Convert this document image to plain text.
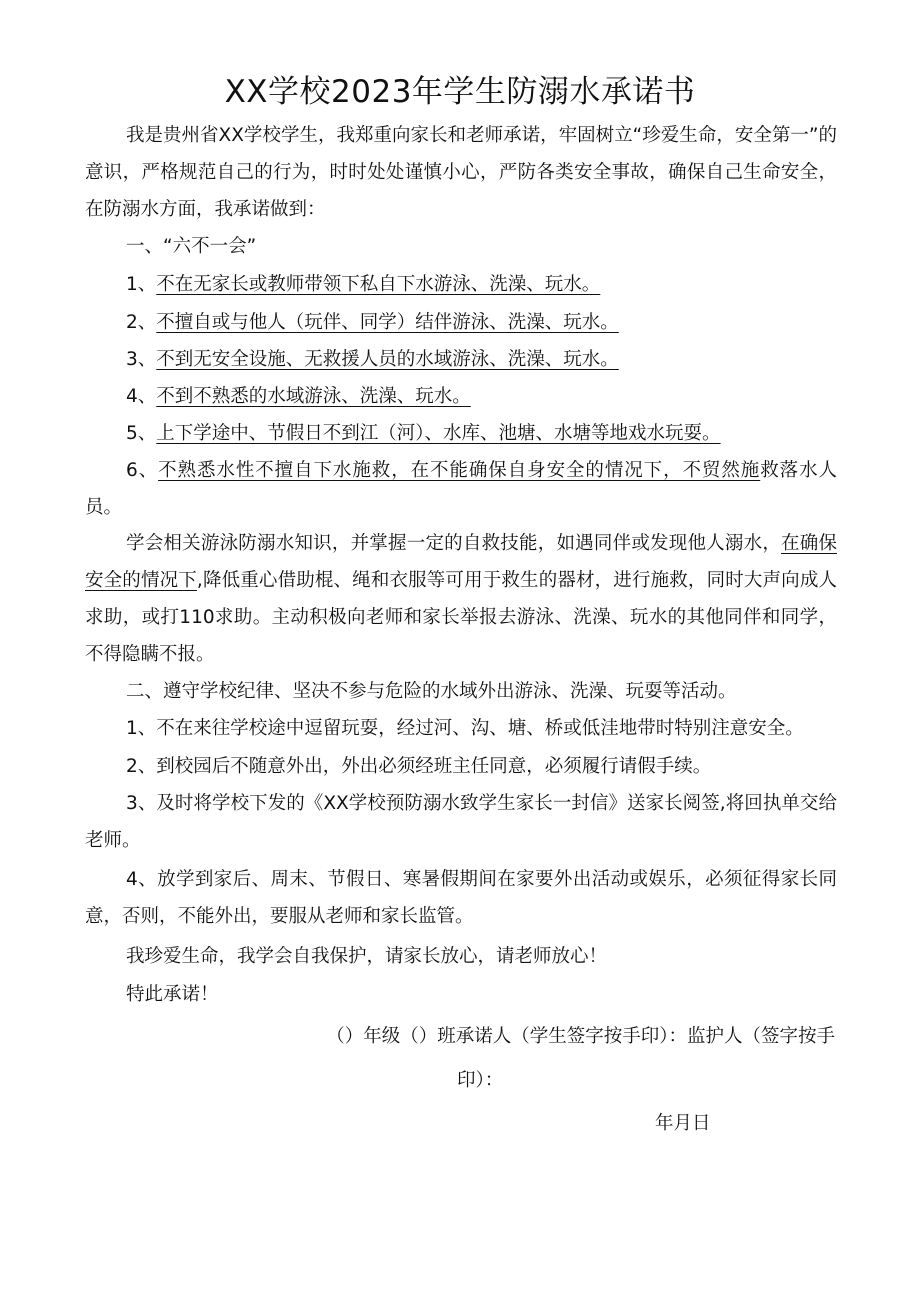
XX学校2023年学生防溺水承诺书
我是贵州省XX学校学生，我郑重向家长和老师承诺，牢固树立“珍爱生命，安全第一”的意识，严格规范自己的行为，时时处处谨慎小心，严防各类安全事故，确保自己生命安全，在防溺水方面，我承诺做到：
一、“六不一会”
1、不在无家长或教师带领下私自下水游泳、洗澡、玩水。
2、不擅自或与他人（玩伴、同学）结伴游泳、洗澡、玩水。
3、不到无安全设施、无救援人员的水域游泳、洗澡、玩水。
4、不到不熟悉的水域游泳、洗澡、玩水。
5、上下学途中、节假日不到江（河）、水库、池塘、水塘等地戏水玩耍。
6、不熟悉水性不擅自下水施救，在不能确保自身安全的情况下，不贸然施救落水人员。
学会相关游泳防溺水知识，并掌握一定的自救技能，如遇同伴或发现他人溺水，在确保安全的情况下,降低重心借助棍、绳和衣服等可用于救生的器材，进行施救，同时大声向成人求助，或打110求助。主动积极向老师和家长举报去游泳、洗澡、玩水的其他同伴和同学，不得隐瞒不报。
二、遵守学校纪律、坚决不参与危险的水域外出游泳、洗澡、玩耍等活动。
1、不在来往学校途中逗留玩耍，经过河、沟、塘、桥或低洼地带时特别注意安全。
2、到校园后不随意外出，外出必须经班主任同意，必须履行请假手续。
3、及时将学校下发的《XX学校预防溺水致学生家长一封信》送家长阅签,将回执单交给老师。
4、放学到家后、周末、节假日、寒暑假期间在家要外出活动或娱乐，必须征得家长同意，否则，不能外出，要服从老师和家长监管。
我珍爱生命，我学会自我保护，请家长放心，请老师放心！
特此承诺！
（）年级（）班承诺人（学生签字按手印）：监护人（签字按手
印）：
年月日
